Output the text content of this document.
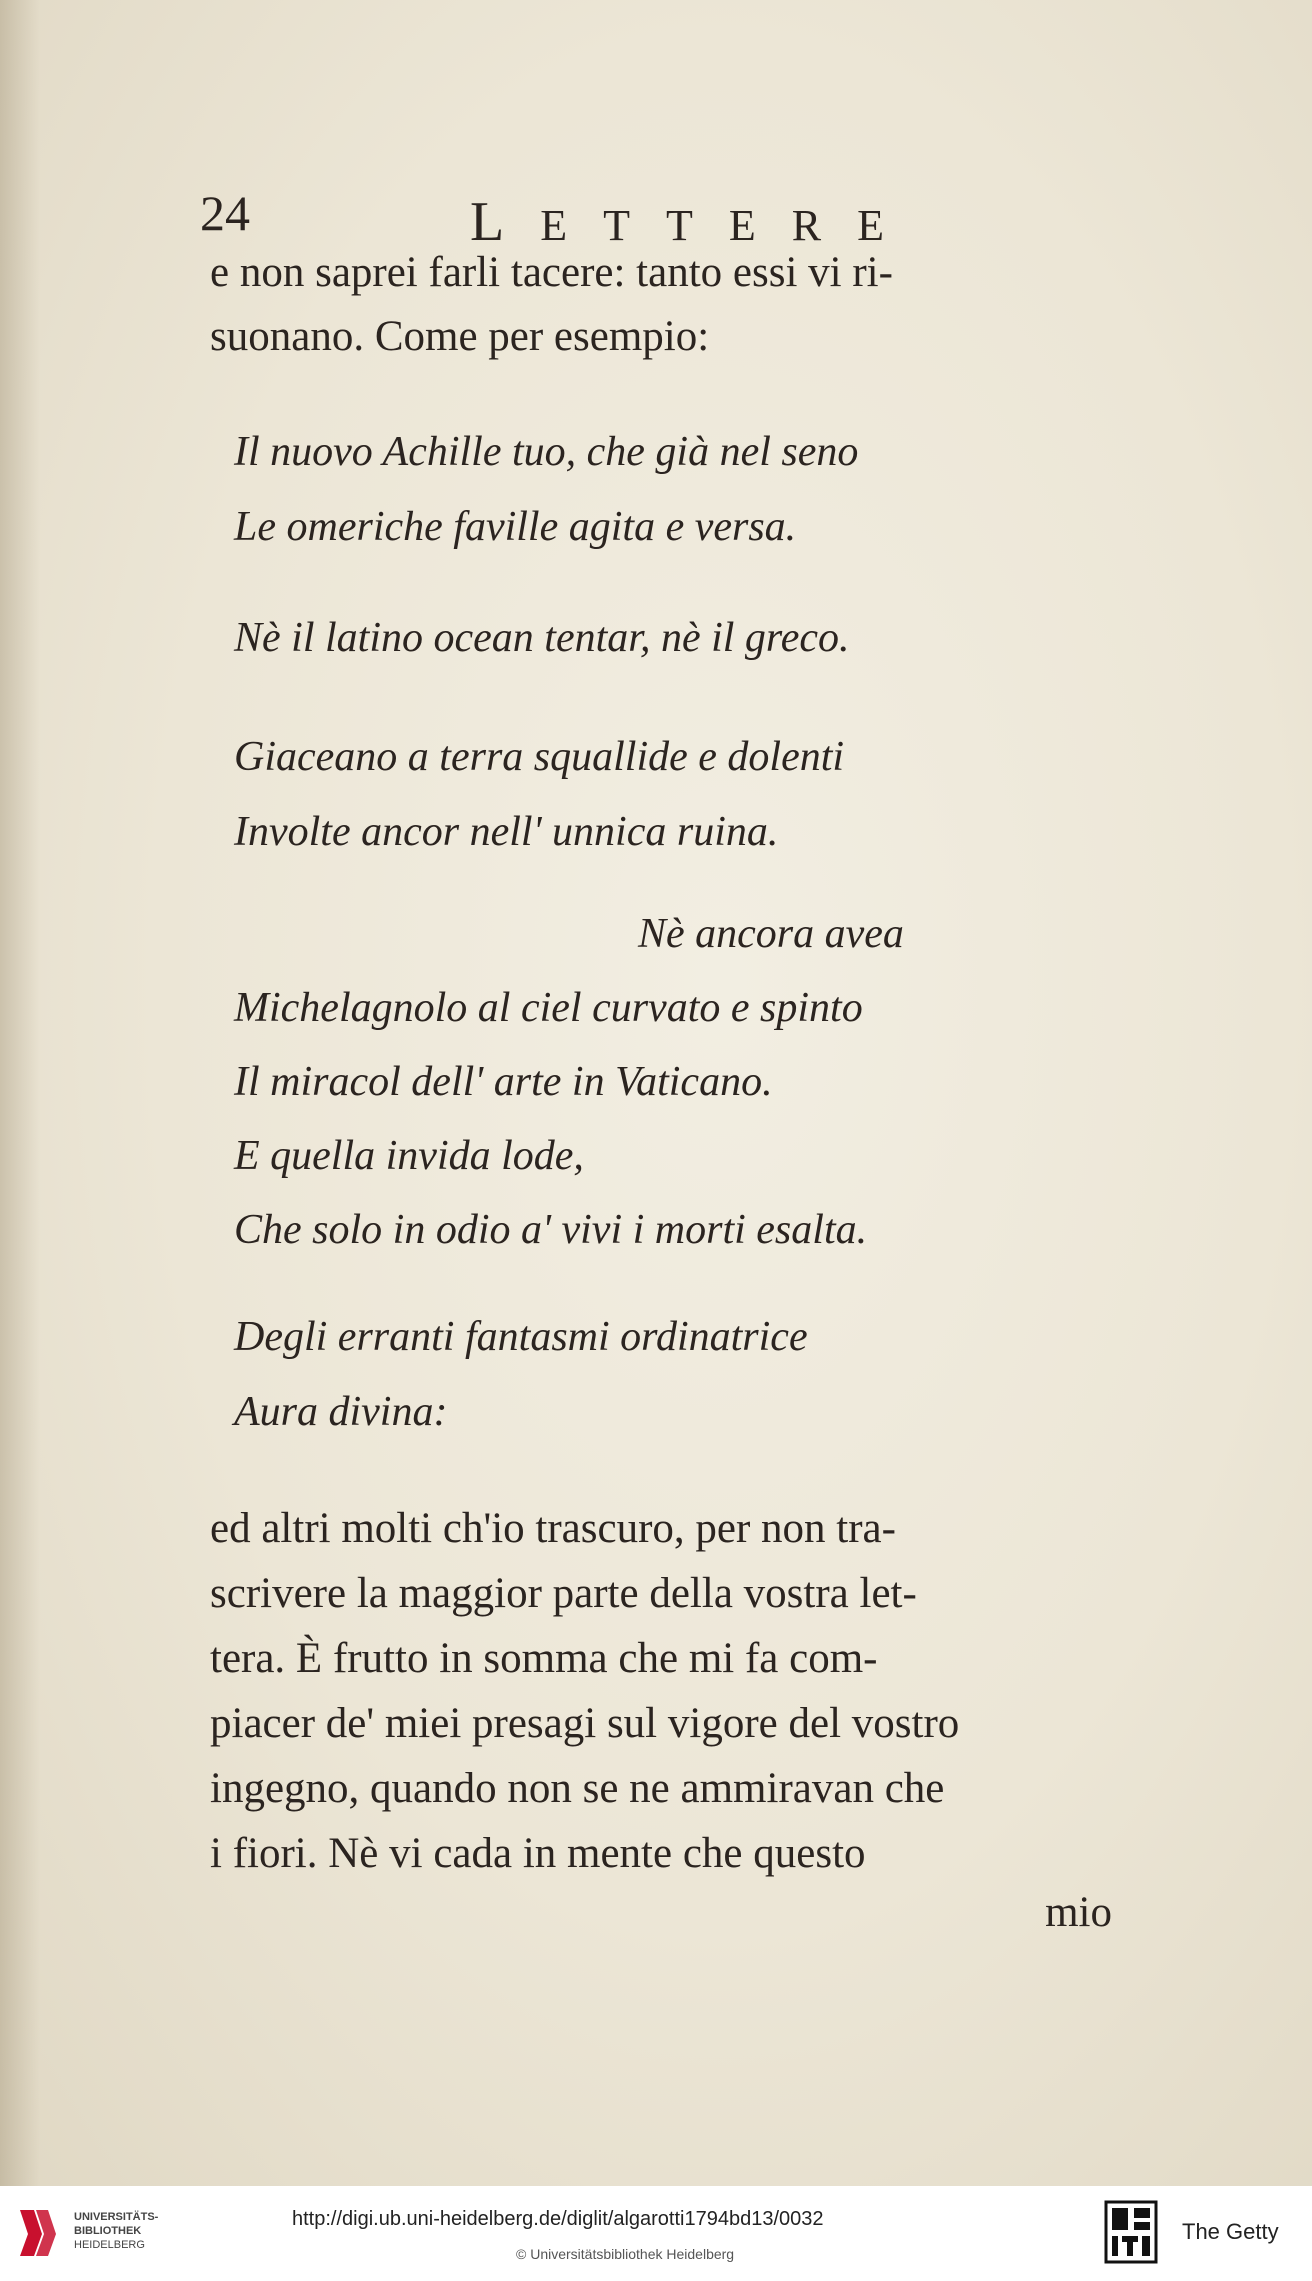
24	LETTERE
e non saprei farli tacere: tanto essi vi ri-
suonano. Come per esempio:
Il nuovo Achille tuo, che già nel seno
Le omeriche faville agita e versa.
Nè il latino ocean tentar, nè il greco.
Giaceano a terra squallide e dolenti
Involte ancor nell' unnica ruina.
Nè ancora avea
Michelagnolo al ciel curvato e spinto
Il miracol dell' arte in Vaticano.
E quella invida lode,
Che solo in odio a' vivi i morti esalta.
Degli erranti fantasmi ordinatrice
Aura divina:
ed altri molti ch'io trascuro, per non tra-
scrivere la maggior parte della vostra let-
tera. È frutto in somma che mi fa com-
piacer de' miei presagi sul vigore del vostro
ingegno, quando non se ne ammiravan che
i fiori. Nè vi cada in mente che questo
mio
UNIVERSITÄTS-
BIBLIOTHEK
HEIDELBERG
http://digi.ub.uni-heidelberg.de/diglit/algarotti1794bd13/0032
© Universitätsbibliothek Heidelberg
The Getty
